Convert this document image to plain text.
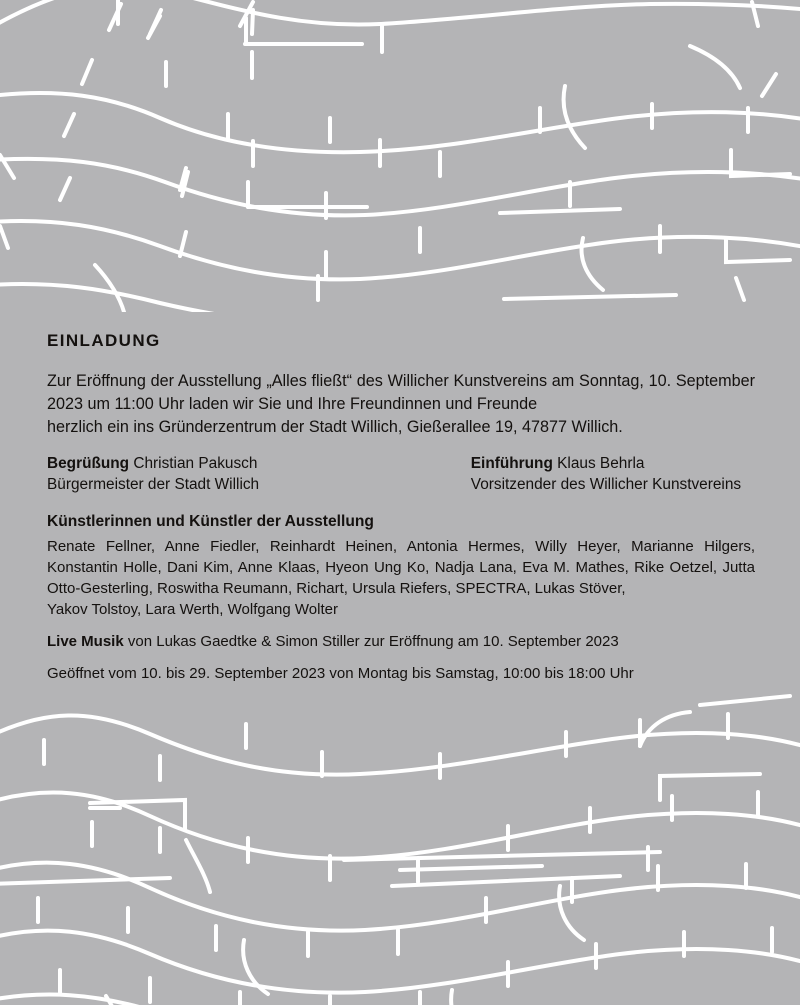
EINLADUNG

Zur Eröffnung der Ausstellung „Alles fließt“ des Willicher Kunstvereins am Sonntag, 10. September 2023 um 11:00 Uhr laden wir Sie und Ihre Freundinnen und Freunde
herzlich ein ins Gründerzentrum der Stadt Willich, Gießerallee 19, 47877 Willich.

Begrüßung Christian Pakusch

Bürgermeister der Stadt Willich

Einführung Klaus Behrla

Vorsitzender des Willicher Kunstvereins

Künstlerinnen und Künstler der Ausstellung

Renate Fellner, Anne Fiedler, Reinhardt Heinen, Antonia Hermes, Willy Heyer, Marianne Hilgers, Konstantin Holle, Dani Kim, Anne Klaas, Hyeon Ung Ko, Nadja Lana, Eva M. Mathes, Rike Oetzel, Jutta Otto-Gesterling, Roswitha Reumann, Richart, Ursula Riefers, SPECTRA, Lukas Stöver,
Yakov Tolstoy, Lara Werth, Wolfgang Wolter

Live Musik von Lukas Gaedtke & Simon Stiller zur Eröffnung am 10. September 2023

Geöffnet vom 10. bis 29. September 2023 von Montag bis Samstag, 10:00 bis 18:00 Uhr
